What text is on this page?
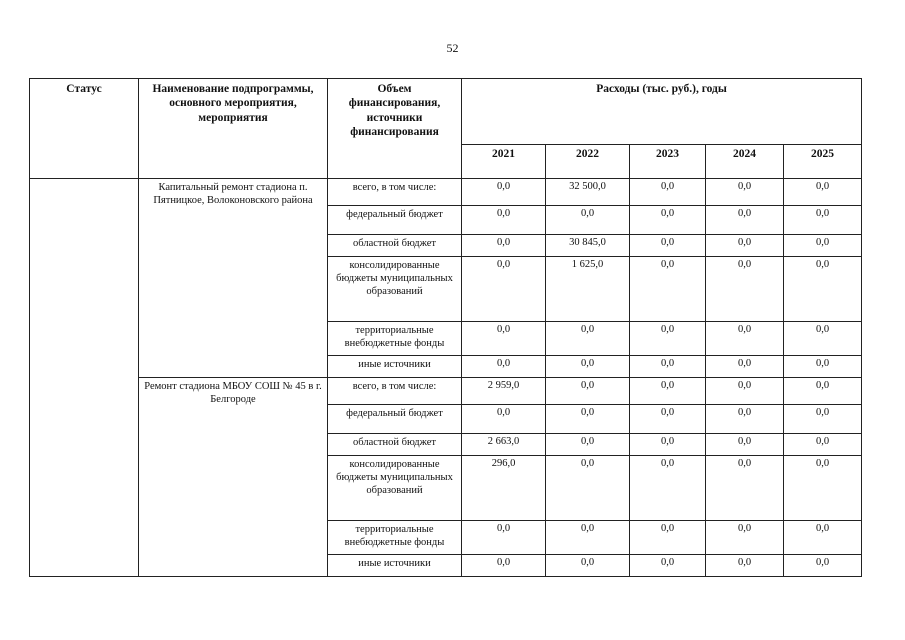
52
Статус	Наименование подпрограммы, основного мероприятия, мероприятия	Объем финансирования, источники финансирования	Расходы (тыс. руб.), годы				
			2021	2022	2023	2024	2025
	Капитальный ремонт стадиона п. Пятницкое, Волоконовского района	всего, в том числе:	0,0	32 500,0	0,0	0,0	0,0
		федеральный бюджет	0,0	0,0	0,0	0,0	0,0
		областной бюджет	0,0	30 845,0	0,0	0,0	0,0
		консолидированные бюджеты муниципальных образований	0,0	1 625,0	0,0	0,0	0,0
		территориальные внебюджетные фонды	0,0	0,0	0,0	0,0	0,0
		иные источники	0,0	0,0	0,0	0,0	0,0
	Ремонт стадиона МБОУ СОШ № 45 в г. Белгороде	всего, в том числе:	2 959,0	0,0	0,0	0,0	0,0
		федеральный бюджет	0,0	0,0	0,0	0,0	0,0
		областной бюджет	2 663,0	0,0	0,0	0,0	0,0
		консолидированные бюджеты муниципальных образований	296,0	0,0	0,0	0,0	0,0
		территориальные внебюджетные фонды	0,0	0,0	0,0	0,0	0,0
		иные источники	0,0	0,0	0,0	0,0	0,0
